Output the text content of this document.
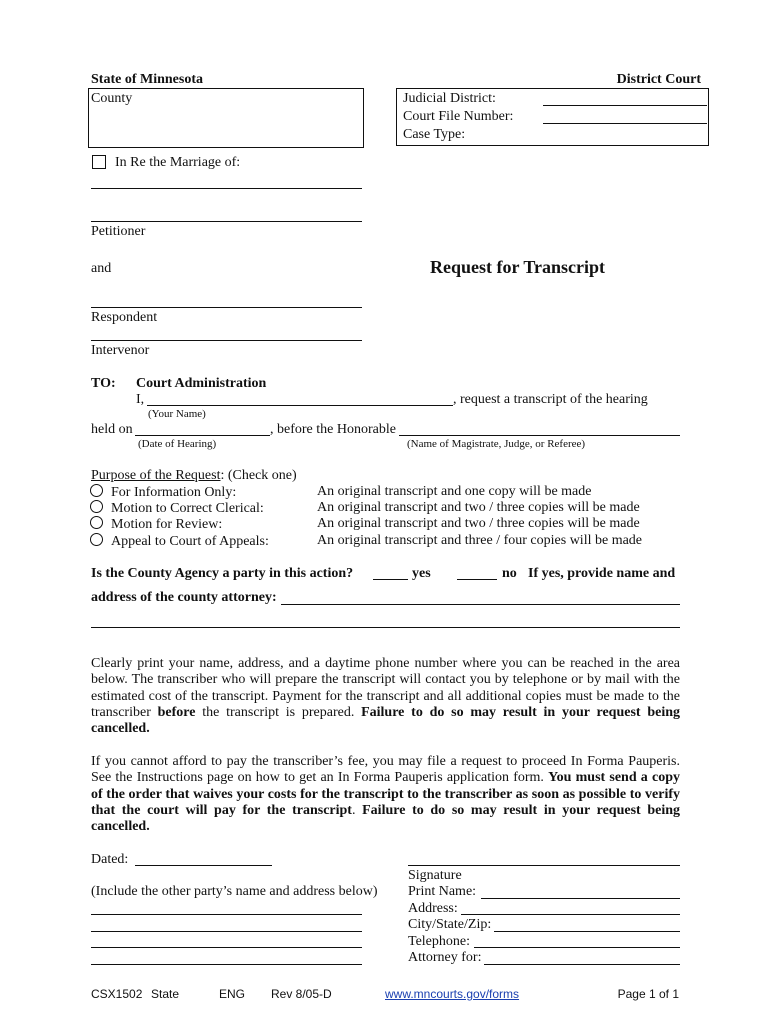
State of Minnesota	District Court
County	Judicial District:
Court File Number:
Case Type:
In Re the Marriage of:
Petitioner
and	Request for Transcript
Respondent
Intervenor
TO: Court Administration
I,	, request a transcript of the hearing
(Your Name)
held on	, before the Honorable
(Date of Hearing)	(Name of Magistrate, Judge, or Referee)
Purpose of the Request: (Check one)
For Information Only:	An original transcript and one copy will be made
Motion to Correct Clerical:	An original transcript and two / three copies will be made
Motion for Review:	An original transcript and two / three copies will be made
Appeal to Court of Appeals:	An original transcript and three / four copies will be made
Is the County Agency a party in this action?	yes	no If yes, provide name and
address of the county attorney:
Clearly print your name, address, and a daytime phone number where you can be reached in the area below. The transcriber who will prepare the transcript will contact you by telephone or by mail with the estimated cost of the transcript. Payment for the transcript and all additional copies must be made to the transcriber before the transcript is prepared. Failure to do so may result in your request being cancelled.
If you cannot afford to pay the transcriber’s fee, you may file a request to proceed In Forma Pauperis. See the Instructions page on how to get an In Forma Pauperis application form. You must send a copy of the order that waives your costs for the transcript to the transcriber as soon as possible to verify that the court will pay for the transcript. Failure to do so may result in your request being cancelled.
Dated:
Signature
(Include the other party’s name and address below) Print Name:
Address:
City/State/Zip:
Telephone:
Attorney for:
CSX1502 State	ENG Rev 8/05-D	www.mncourts.gov/forms	Page 1 of 1
